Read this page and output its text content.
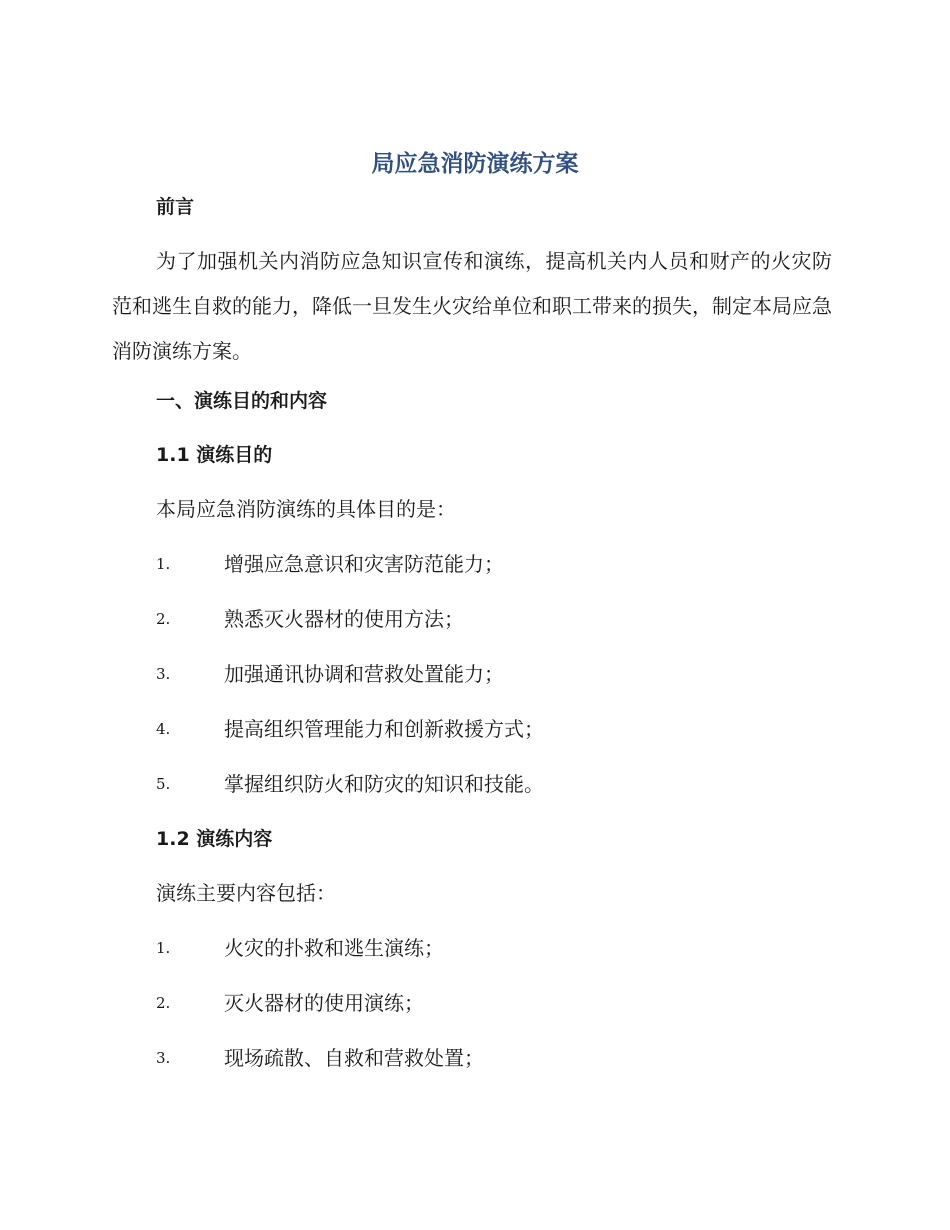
局应急消防演练方案
前言
为了加强机关内消防应急知识宣传和演练，提高机关内人员和财产的火灾防范和逃生自救的能力，降低一旦发生火灾给单位和职工带来的损失，制定本局应急消防演练方案。
一、演练目的和内容
1.1 演练目的
本局应急消防演练的具体目的是：
1.	增强应急意识和灾害防范能力；
2.	熟悉灭火器材的使用方法；
3.	加强通讯协调和营救处置能力；
4.	提高组织管理能力和创新救援方式；
5.	掌握组织防火和防灾的知识和技能。
1.2 演练内容
演练主要内容包括：
1.	火灾的扑救和逃生演练；
2.	灭火器材的使用演练；
3.	现场疏散、自救和营救处置；
